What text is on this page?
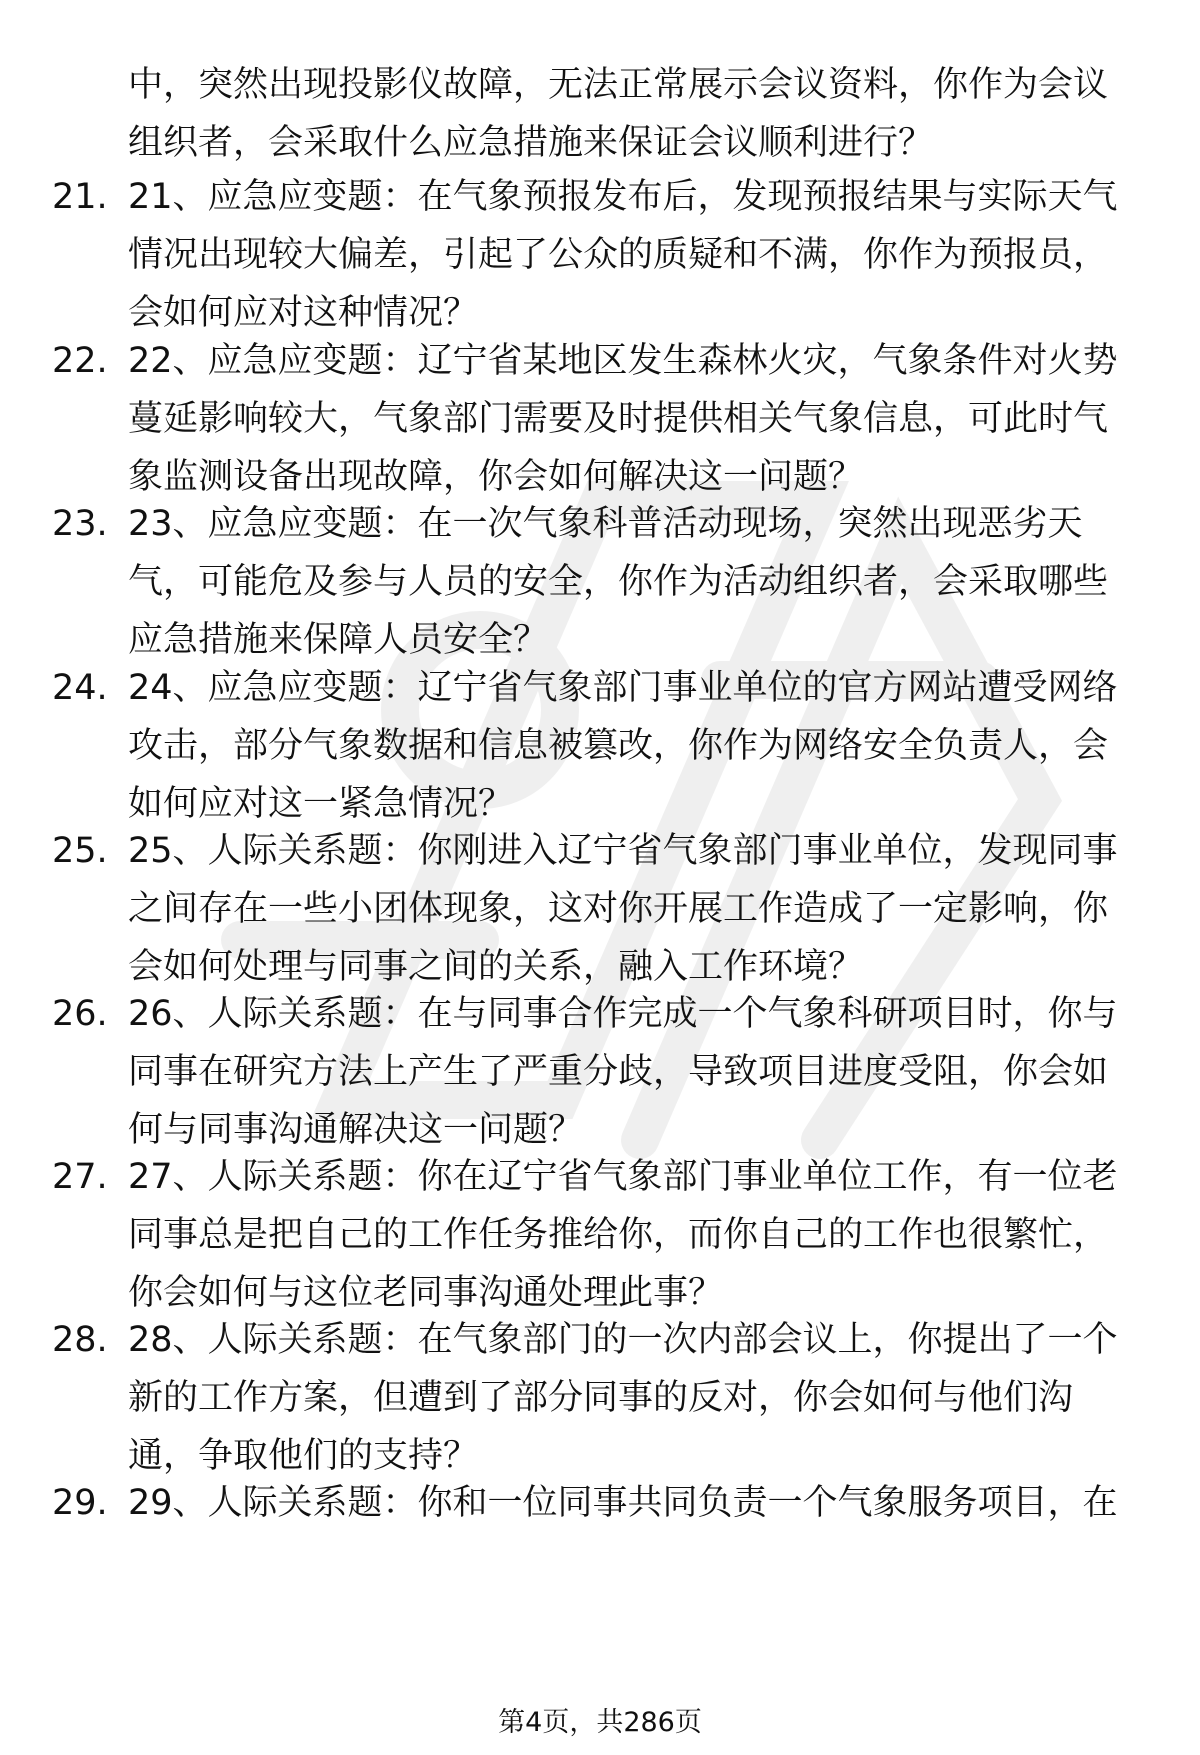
中，突然出现投影仪故障，无法正常展示会议资料，你作为会议组织者，会采取什么应急措施来保证会议顺利进行？
21. 21、应急应变题：在气象预报发布后，发现预报结果与实际天气情况出现较大偏差，引起了公众的质疑和不满，你作为预报员，会如何应对这种情况？
22. 22、应急应变题：辽宁省某地区发生森林火灾，气象条件对火势蔓延影响较大，气象部门需要及时提供相关气象信息，可此时气象监测设备出现故障，你会如何解决这一问题？
23. 23、应急应变题：在一次气象科普活动现场，突然出现恶劣天气，可能危及参与人员的安全，你作为活动组织者，会采取哪些应急措施来保障人员安全？
24. 24、应急应变题：辽宁省气象部门事业单位的官方网站遭受网络攻击，部分气象数据和信息被篡改，你作为网络安全负责人，会如何应对这一紧急情况？
25. 25、人际关系题：你刚进入辽宁省气象部门事业单位，发现同事之间存在一些小团体现象，这对你开展工作造成了一定影响，你会如何处理与同事之间的关系，融入工作环境？
26. 26、人际关系题：在与同事合作完成一个气象科研项目时，你与同事在研究方法上产生了严重分歧，导致项目进度受阻，你会如何与同事沟通解决这一问题？
27. 27、人际关系题：你在辽宁省气象部门事业单位工作，有一位老同事总是把自己的工作任务推给你，而你自己的工作也很繁忙，你会如何与这位老同事沟通处理此事？
28. 28、人际关系题：在气象部门的一次内部会议上，你提出了一个新的工作方案，但遭到了部分同事的反对，你会如何与他们沟通，争取他们的支持？
29. 29、人际关系题：你和一位同事共同负责一个气象服务项目，在
第4页，共286页
